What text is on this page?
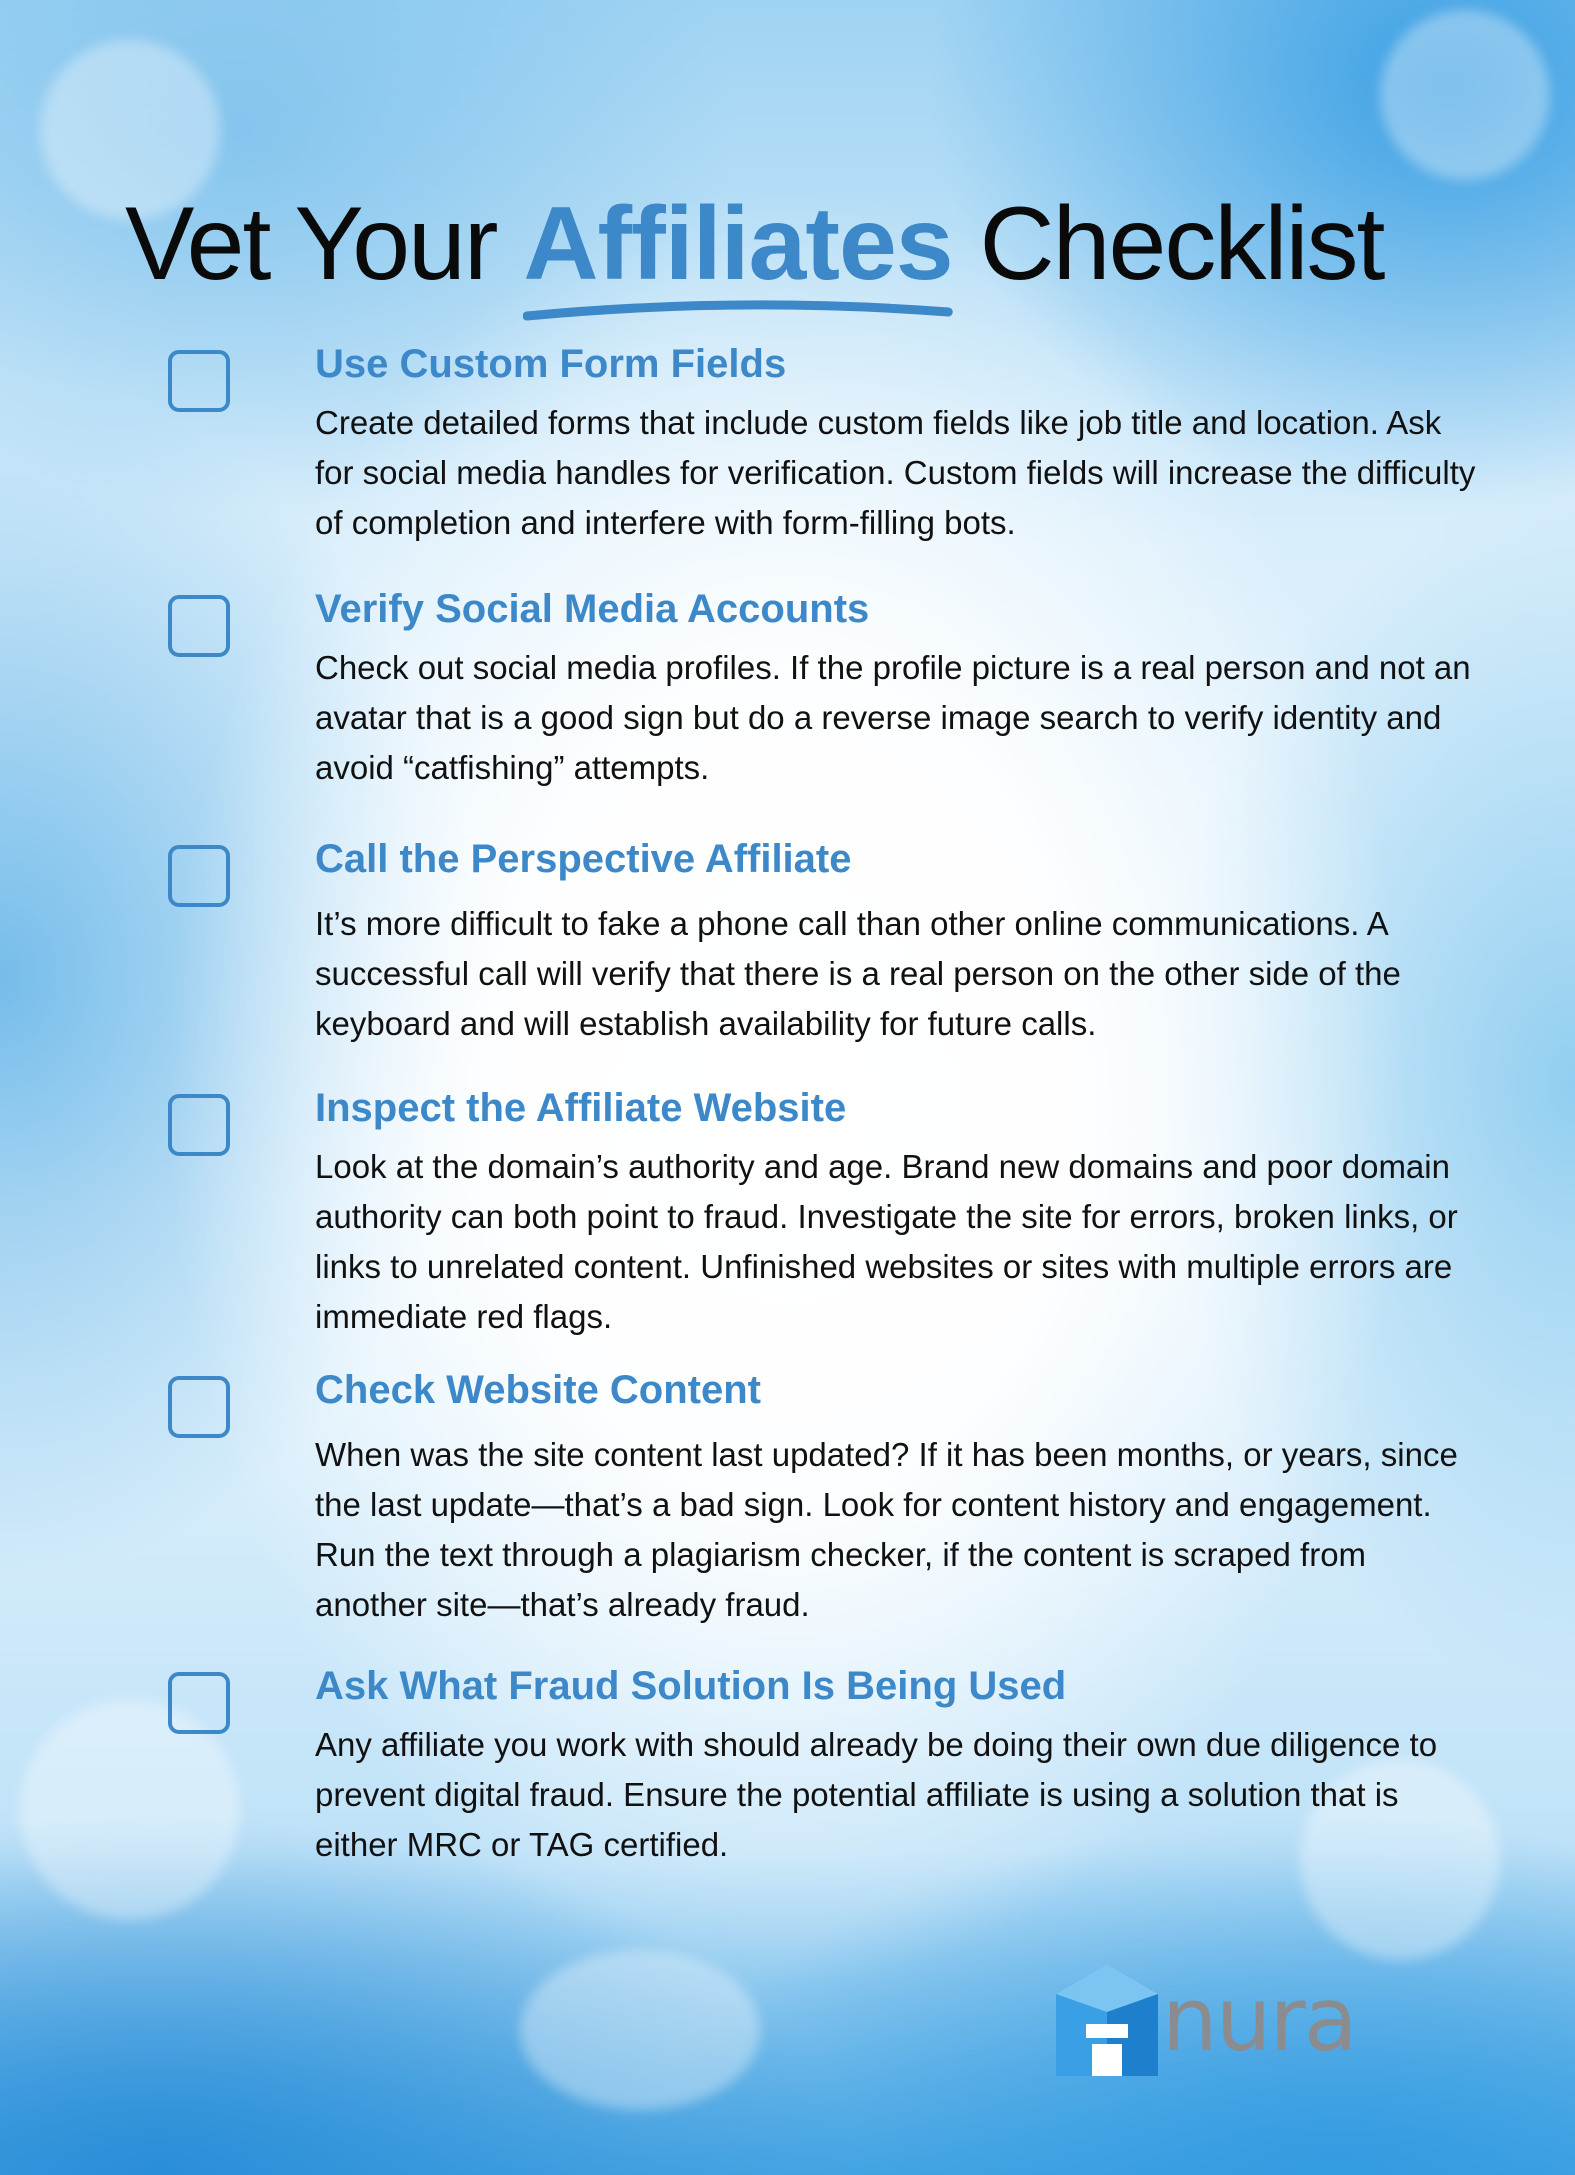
Vet Your Affiliates Checklist

Use Custom Form Fields

Create detailed forms that include custom fields like job title and location. Ask for social media handles for verification. Custom fields will increase the difficulty of completion and interfere with form-filling bots.

Verify Social Media Accounts

Check out social media profiles. If the profile picture is a real person and not an avatar that is a good sign but do a reverse image search to verify identity and avoid “catfishing” attempts.

Call the Perspective Affiliate

It’s more difficult to fake a phone call than other online communications. A successful call will verify that there is a real person on the other side of the keyboard and will establish availability for future calls.

Inspect the Affiliate Website

Look at the domain’s authority and age. Brand new domains and poor domain authority can both point to fraud. Investigate the site for errors, broken links, or links to unrelated content. Unfinished websites or sites with multiple errors are immediate red flags.

Check Website Content

When was the site content last updated? If it has been months, or years, since the last update—that’s a bad sign. Look for content history and engagement. Run the text through a plagiarism checker, if the content is scraped from another site—that’s already fraud.

Ask What Fraud Solution Is Being Used

Any affiliate you work with should already be doing their own due diligence to prevent digital fraud. Ensure the potential affiliate is using a solution that is either MRC or TAG certified.

nura
